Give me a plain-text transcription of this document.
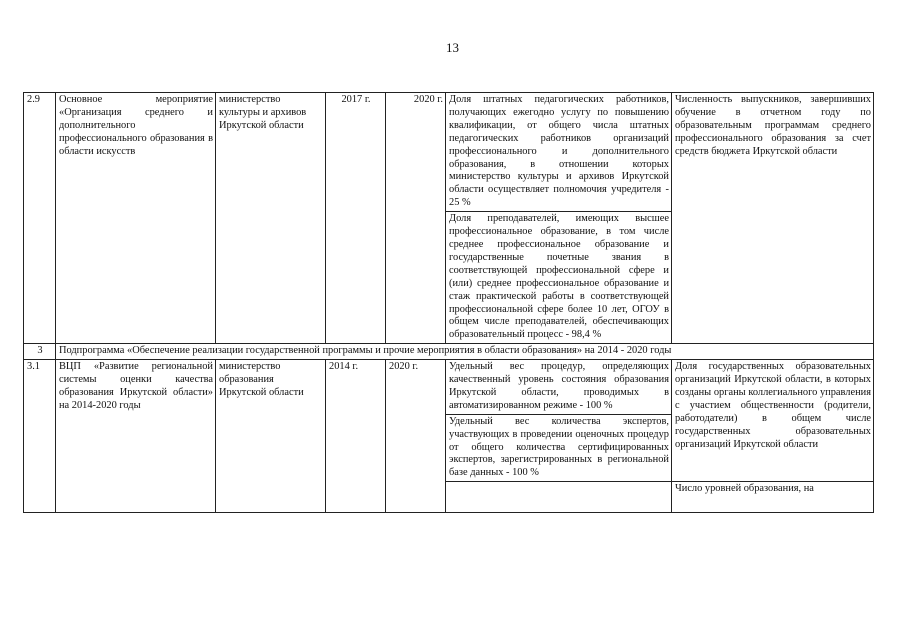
13
2.9	Основное мероприятие «Организация среднего и дополнительного профессионального образования в области искусств	министерство культуры и архивов Иркутской области	2017 г.	2020 г.	Доля штатных педагогических работников, получающих ежегодно услугу по повышению квалификации, от общего числа штатных педагогических работников организаций профессионального и дополнительного образования, в отношении которых министерство культуры и архивов Иркутской области осуществляет полномочия учредителя - 25 %	Численность выпускников, завершивших обучение в отчетном году по образовательным программам среднего профессионального образования за счет средств бюджета Иркутской области
					Доля преподавателей, имеющих высшее профессиональное образование, в том числе среднее профессиональное образование и государственные почетные звания в соответствующей профессиональной сфере и (или) среднее профессиональное образование и стаж практической работы в соответствующей профессиональной сфере более 10 лет, ОГОУ в общем числе преподавателей, обеспечивающих образовательный процесс - 98,4 %	
3	Подпрограмма «Обеспечение реализации государственной программы и прочие мероприятия в области образования» на 2014 - 2020 годы					
3.1	ВЦП «Развитие региональной системы оценки качества образования Иркутской области» на 2014-2020 годы	министерство образования Иркутской области	2014 г.	2020 г.	Удельный вес процедур, определяющих качественный уровень состояния образования Иркутской области, проводимых в автоматизированном режиме - 100 %	Доля государственных образовательных организаций Иркутской области, в которых созданы органы коллегиального управления с участием общественности (родители, работодатели) в общем числе государственных образовательных организаций Иркутской области
					Удельный вес количества экспертов, участвующих в проведении оценочных процедур от общего количества сертифицированных экспертов, зарегистрированных в региональной базе данных - 100 %	
						Число уровней образования, на
